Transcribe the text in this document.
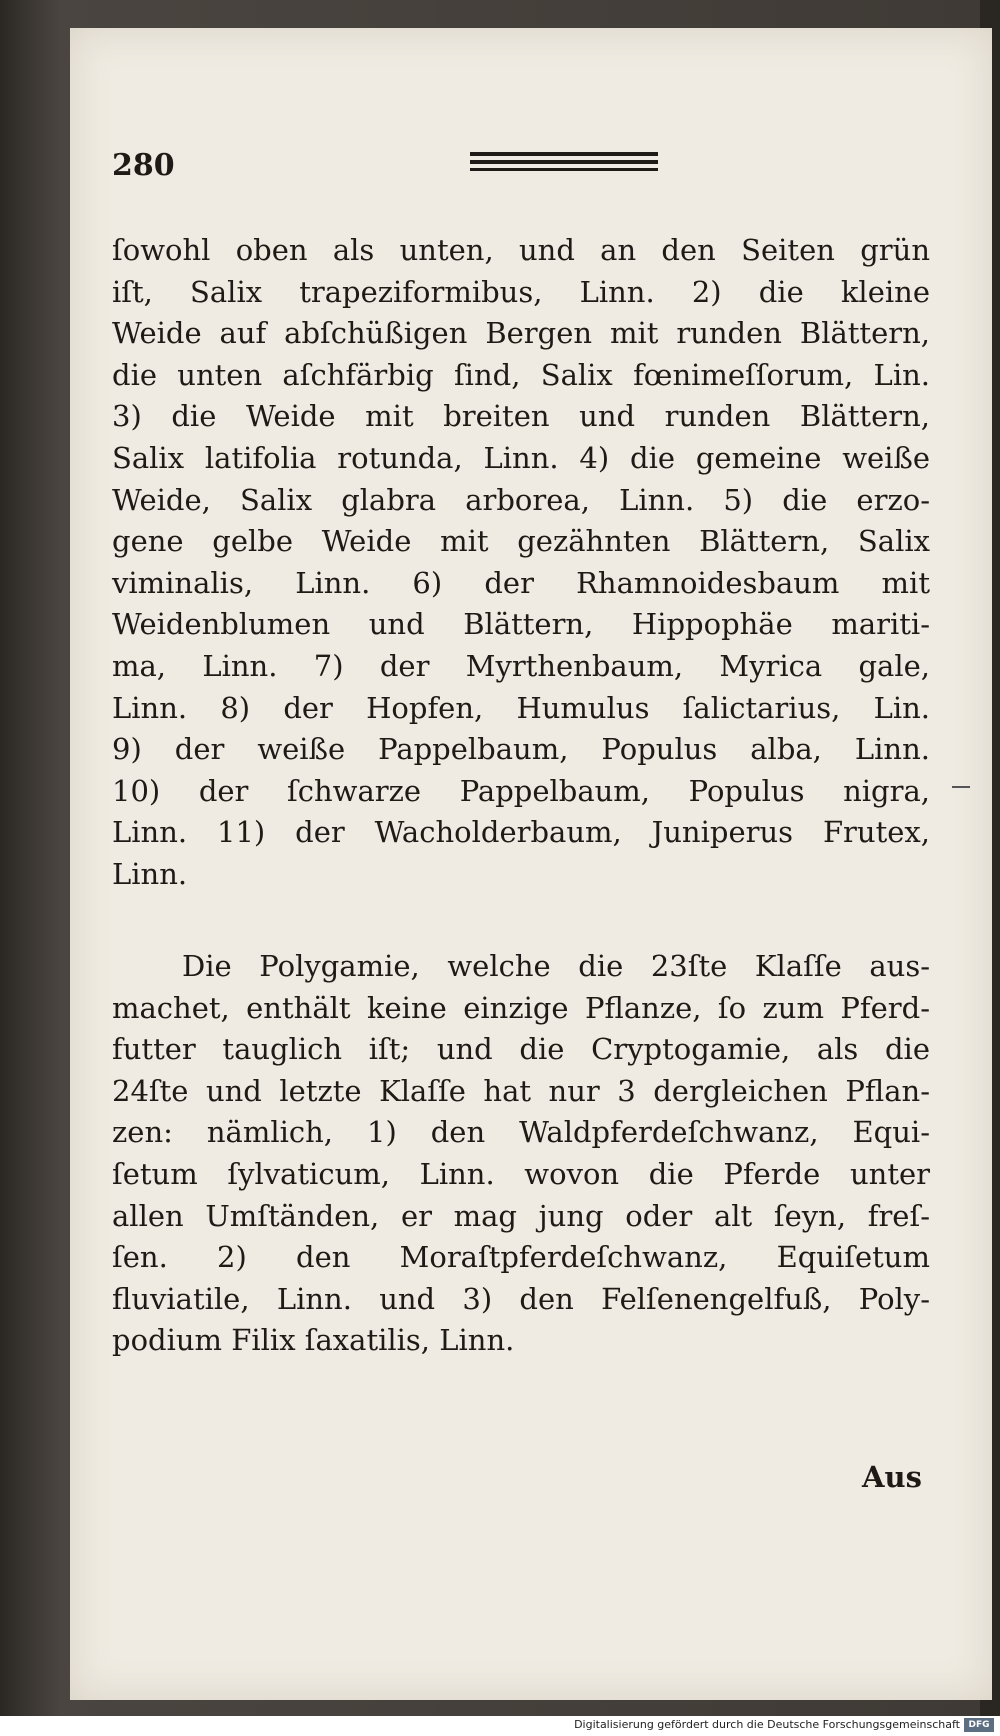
280
ſowohl oben als unten, und an den Seiten grün
iſt, Salix trapeziformibus, Linn. 2) die kleine
Weide auf abſchüßigen Bergen mit runden Blättern,
die unten aſchfärbig ſind, Salix fœnimeſſorum, Lin.
3) die Weide mit breiten und runden Blättern,
Salix latifolia rotunda, Linn. 4) die gemeine weiße
Weide, Salix glabra arborea, Linn. 5) die erzo-
gene gelbe Weide mit gezähnten Blättern, Salix
viminalis, Linn. 6) der Rhamnoidesbaum mit
Weidenblumen und Blättern, Hippophäe mariti-
ma, Linn. 7) der Myrthenbaum, Myrica gale,
Linn. 8) der Hopfen, Humulus ſalictarius, Lin.
9) der weiße Pappelbaum, Populus alba, Linn.
10) der ſchwarze Pappelbaum, Populus nigra,
Linn. 11) der Wacholderbaum, Juniperus Frutex,
Linn.
Die Polygamie, welche die 23ſte Klaſſe aus-
machet, enthält keine einzige Pflanze, ſo zum Pferd-
futter tauglich iſt; und die Cryptogamie, als die
24ſte und letzte Klaſſe hat nur 3 dergleichen Pflan-
zen: nämlich, 1) den Waldpferdeſchwanz, Equi-
ſetum ſylvaticum, Linn. wovon die Pferde unter
allen Umſtänden, er mag jung oder alt ſeyn, freſ-
ſen. 2) den Moraſtpferdeſchwanz, Equiſetum
fluviatile, Linn. und 3) den Felſenengelfuß, Poly-
podium Filix ſaxatilis, Linn.
Aus
Digitalisierung gefördert durch die Deutsche Forschungsgemeinschaft DFG
